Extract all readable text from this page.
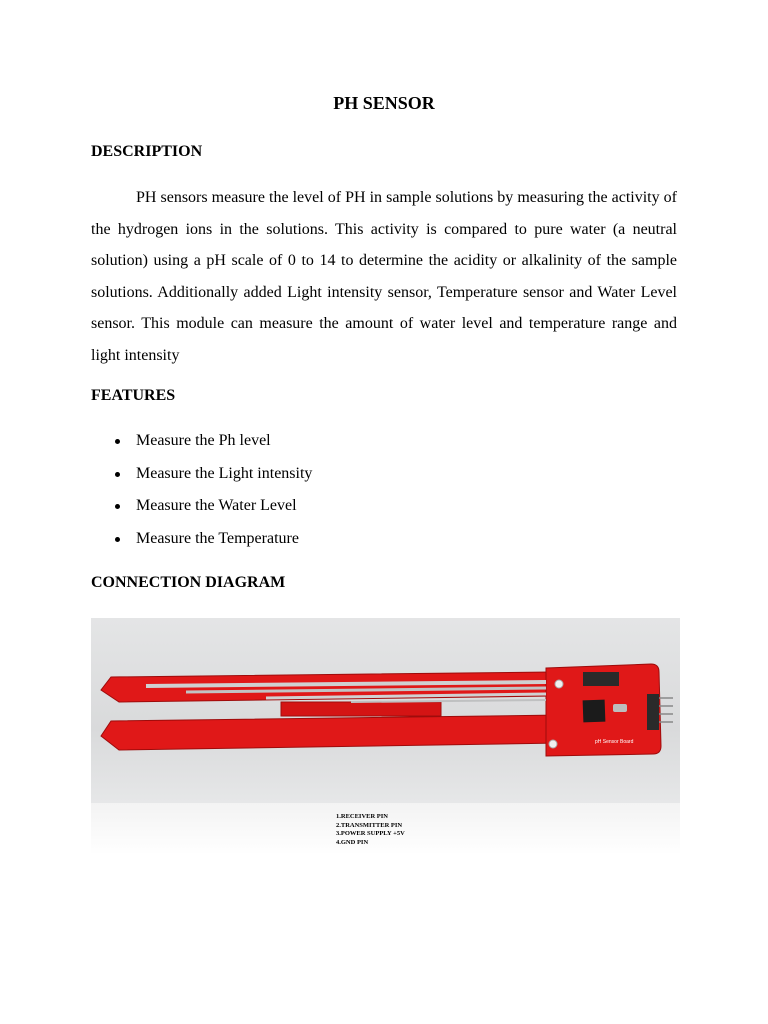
PH SENSOR
DESCRIPTION

PH sensors measure the level of PH in sample solutions by measuring the activity of the hydrogen ions in the solutions. This activity is compared to pure water (a neutral solution) using a pH scale of 0 to 14 to determine the acidity or alkalinity of the sample solutions. Additionally added Light intensity sensor, Temperature sensor and Water Level sensor. This module can measure the amount of water level and temperature range and light intensity

FEATURES
Measure the Ph level
Measure the Light intensity
Measure the Water Level
Measure the Temperature
CONNECTION DIAGRAM
pH Sensor Board
1.RECEIVER PIN
2.TRANSMITTER PIN
3.POWER SUPPLY +5V
4.GND PIN
